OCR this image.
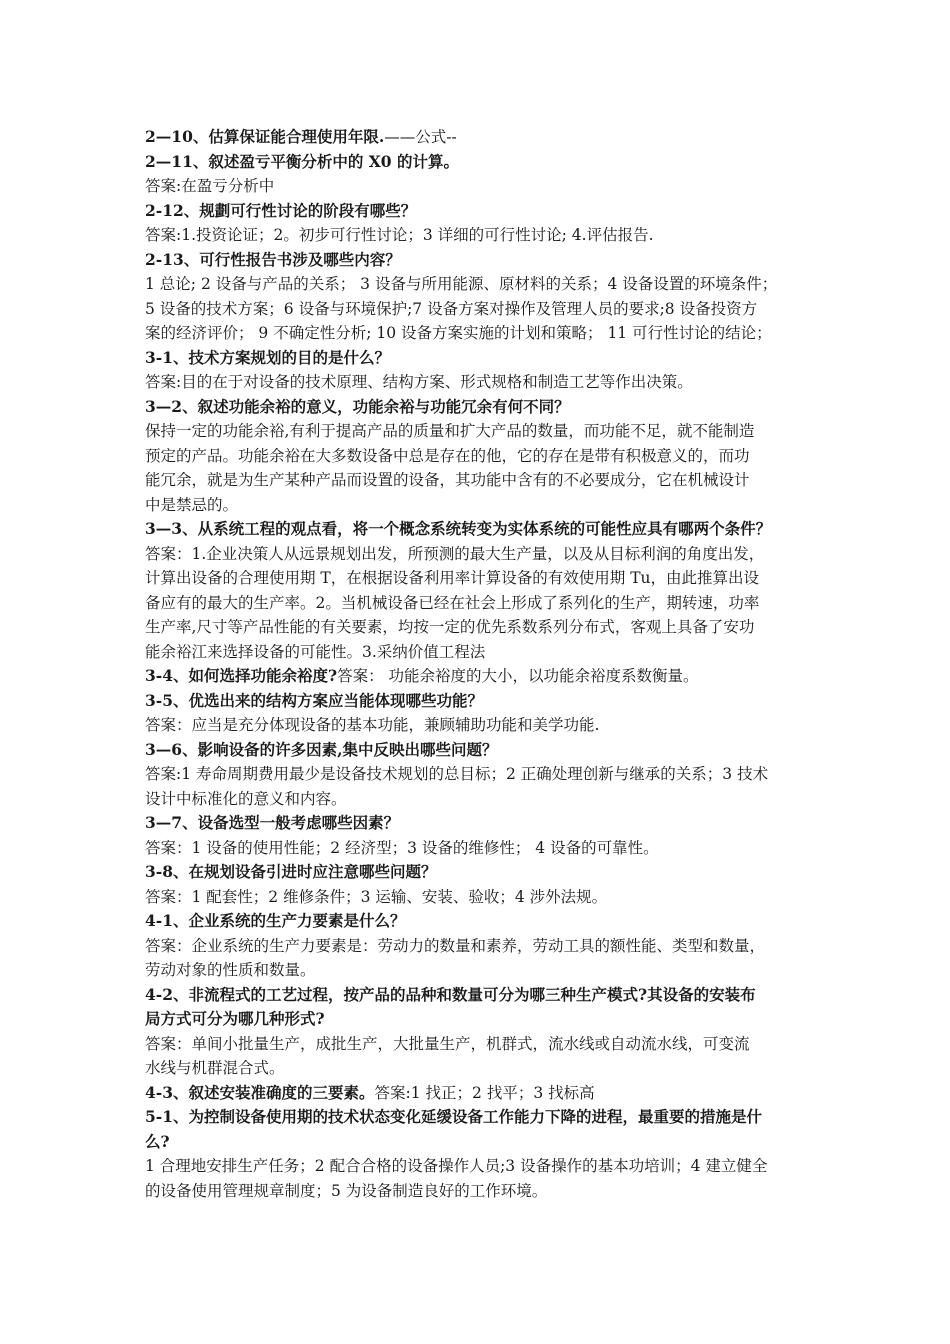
2—10、估算保证能合理使用年限.——公式--
2—11、叙述盈亏平衡分析中的 X0 的计算。
答案:在盈亏分析中
2-12、规劃可行性讨论的阶段有哪些？
答案:1.投资论证；2。初步可行性讨论；3 详细的可行性讨论; 4.评估报告.
2-13、可行性报告书涉及哪些内容？
1 总论; 2 设备与产品的关系； 3 设备与所用能源、原材料的关系；4 设备设置的环境条件；
5 设备的技术方案；6 设备与环境保护;7 设备方案对操作及管理人员的要求;8 设备投资方
案的经济评价； 9 不确定性分析; 10 设备方案实施的计划和策略； 11 可行性讨论的结论；
3-1、技术方案规划的目的是什么？
答案:目的在于对设备的技术原理、结构方案、形式规格和制造工艺等作出决策。
3—2、叙述功能余裕的意义，功能余裕与功能冗余有何不同？
保持一定的功能余裕,有利于提高产品的质量和扩大产品的数量，而功能不足，就不能制造
预定的产品。功能余裕在大多数设备中总是存在的他，它的存在是带有积极意义的，而功
能冗余，就是为生产某种产品而设置的设备，其功能中含有的不必要成分，它在机械设计
中是禁忌的。
3—3、从系统工程的观点看，将一个概念系统转变为实体系统的可能性应具有哪两个条件？
答案：1.企业决策人从远景规划出发，所预测的最大生产量，以及从目标利润的角度出发，
计算出设备的合理使用期 T，在根据设备利用率计算设备的有效使用期 Tu，由此推算出设
备应有的最大的生产率。2。当机械设备已经在社会上形成了系列化的生产，期转速，功率
生产率,尺寸等产品性能的有关要素，均按一定的优先系数系列分布式，客观上具备了安功
能余裕江来选择设备的可能性。3.采纳价值工程法
3-4、如何选择功能余裕度?答案： 功能余裕度的大小，以功能余裕度系数衡量。
3-5、优选出来的结构方案应当能体现哪些功能？
答案：应当是充分体现设备的基本功能，兼顾辅助功能和美学功能.
3—6、影响设备的许多因素,集中反映出哪些问题？
答案:1 寿命周期费用最少是设备技术规划的总目标；2 正确处理创新与继承的关系；3 技术
设计中标准化的意义和内容。
3—7、设备选型一般考虑哪些因素？
答案：1 设备的使用性能；2 经济型；3 设备的维修性； 4 设备的可靠性。
3-8、在规划设备引进时应注意哪些问题？
答案：1 配套性；2 维修条件；3 运输、安装、验收；4 涉外法规。
4-1、企业系统的生产力要素是什么？
答案：企业系统的生产力要素是：劳动力的数量和素养，劳动工具的额性能、类型和数量，
劳动对象的性质和数量。
4-2、非流程式的工艺过程，按产品的品种和数量可分为哪三种生产模式?其设备的安装布
局方式可分为哪几种形式?
答案：单间小批量生产，成批生产，大批量生产，机群式，流水线或自动流水线，可变流
水线与机群混合式。
4-3、叙述安装准确度的三要素。答案:1 找正；2 找平；3 找标高
5-1、为控制设备使用期的技术状态变化延缓设备工作能力下降的进程，最重要的措施是什
么?
1 合理地安排生产任务；2 配合合格的设备操作人员;3 设备操作的基本功培训；4 建立健全
的设备使用管理规章制度；5 为设备制造良好的工作环境。
